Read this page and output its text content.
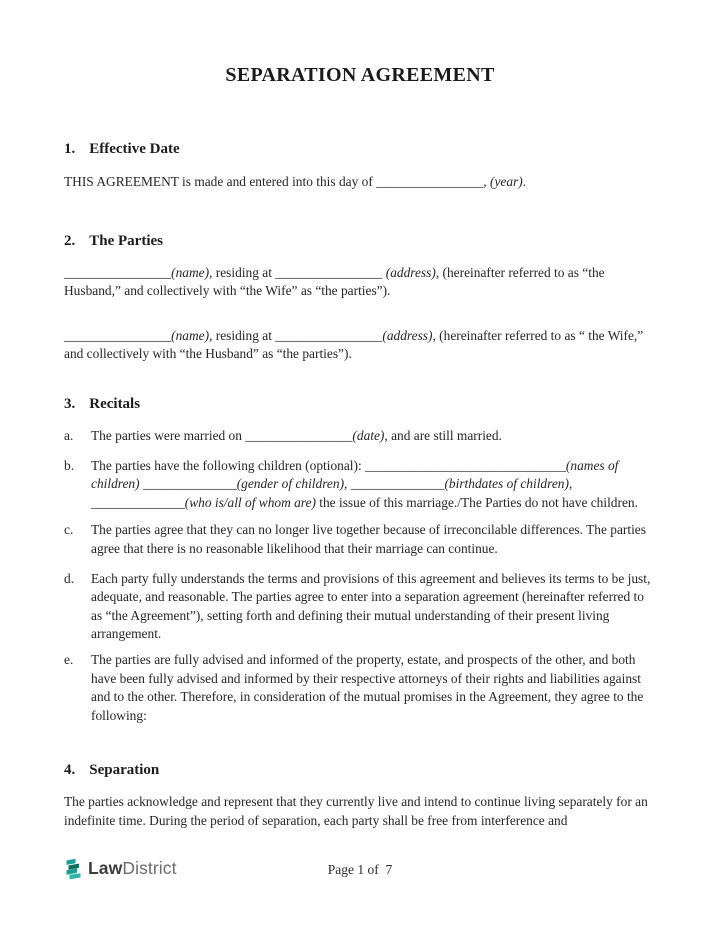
SEPARATION AGREEMENT
1. Effective Date

THIS AGREEMENT is made and entered into this day of ________________, (year).

2. The Parties

________________(name), residing at ________________ (address), (hereinafter referred to as “the Husband,” and collectively with “the Wife” as “the parties”).

________________(name), residing at ________________(address), (hereinafter referred to as “ the Wife,” and collectively with “the Husband” as “the parties”).

3. Recitals
a.	The parties were married on ________________(date), and are still married.
b.	The parties have the following children (optional): ______________________________(names of children) ______________(gender of children), ______________(birthdates of children), ______________(who is/all of whom are) the issue of this marriage./The Parties do not have children.
c.	The parties agree that they can no longer live together because of irreconcilable differences. The parties agree that there is no reasonable likelihood that their marriage can continue.
d.	Each party fully understands the terms and provisions of this agreement and believes its terms to be just, adequate, and reasonable. The parties agree to enter into a separation agreement (hereinafter referred to as “the Agreement”), setting forth and defining their mutual understanding of their present living arrangement.
e.	The parties are fully advised and informed of the property, estate, and prospects of the other, and both have been fully advised and informed by their respective attorneys of their rights and liabilities against and to the other. Therefore, in consideration of the mutual promises in the Agreement, they agree to the following:
4. Separation

The parties acknowledge and represent that they currently live and intend to continue living separately for an indefinite time. During the period of separation, each party shall be free from interference and

Page 1 of  7
LawDistrict
